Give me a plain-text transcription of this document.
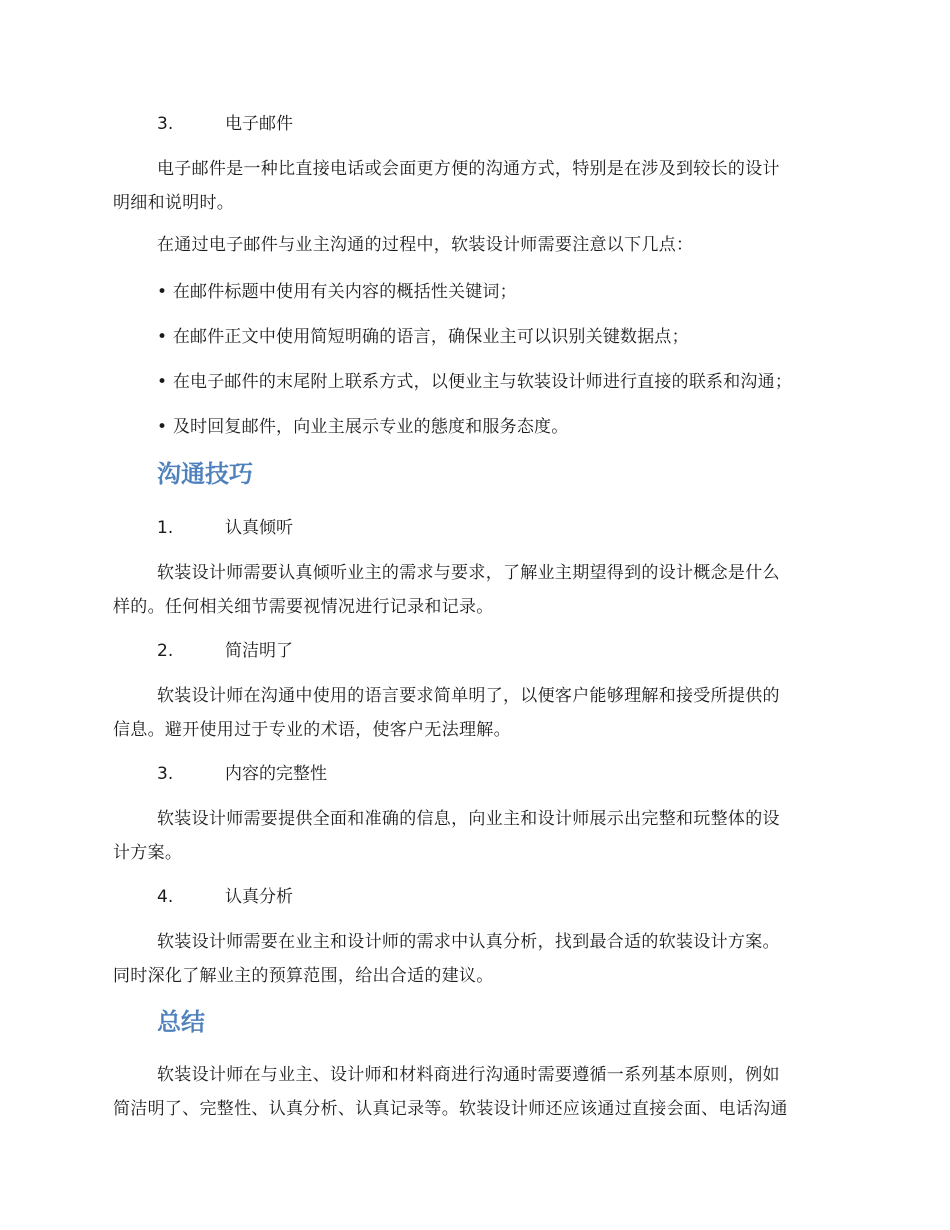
3.	电子邮件
电子邮件是一种比直接电话或会面更方便的沟通方式，特别是在涉及到较长的设计
明细和说明时。
在通过电子邮件与业主沟通的过程中，软装设计师需要注意以下几点：
• 在邮件标题中使用有关内容的概括性关键词；
• 在邮件正文中使用简短明确的语言，确保业主可以识别关键数据点；
• 在电子邮件的末尾附上联系方式，以便业主与软装设计师进行直接的联系和沟通；
• 及时回复邮件，向业主展示专业的態度和服务态度。
沟通技巧
1.	认真倾听
软装设计师需要认真倾听业主的需求与要求，了解业主期望得到的设计概念是什么
样的。任何相关细节需要视情况进行记录和记录。
2.	简洁明了
软装设计师在沟通中使用的语言要求简单明了，以便客户能够理解和接受所提供的
信息。避开使用过于专业的术语，使客户无法理解。
3.	内容的完整性
软装设计师需要提供全面和准确的信息，向业主和设计师展示出完整和玩整体的设
计方案。
4.	认真分析
软装设计师需要在业主和设计师的需求中认真分析，找到最合适的软装设计方案。
同时深化了解业主的预算范围，给出合适的建议。
总结
软装设计师在与业主、设计师和材料商进行沟通时需要遵循一系列基本原则，例如
简洁明了、完整性、认真分析、认真记录等。软装设计师还应该通过直接会面、电话沟通
